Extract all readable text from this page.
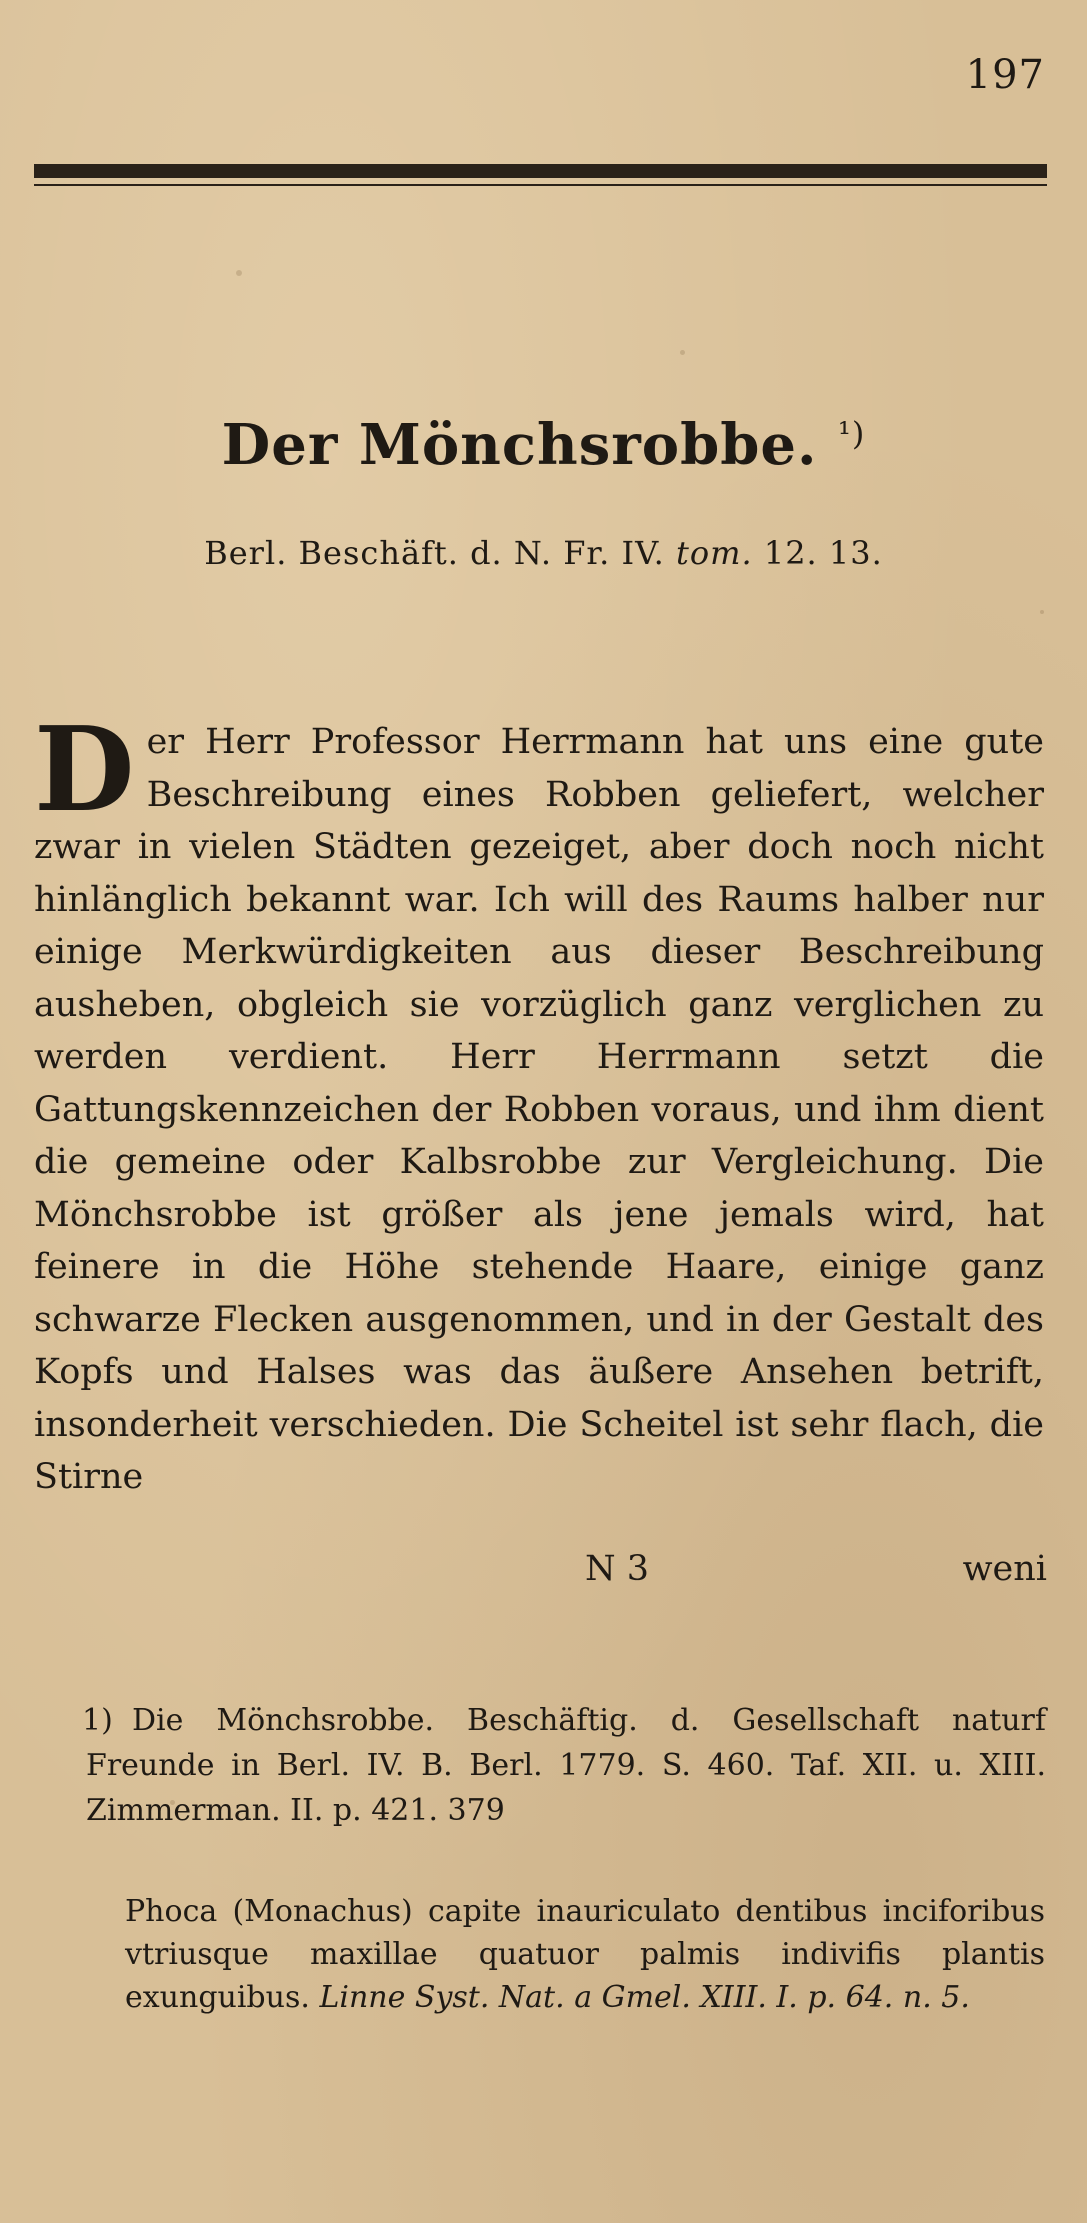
197
Der Mönchsrobbe. $^{^1)}$
Berl. Beschäft. d. N. Fr. IV. tom. 12. 13.
D er Herr Professor Herrmann hat uns eine gute Beschreibung eines Robben geliefert, welcher zwar in vielen Städten gezeiget, aber doch noch nicht hinlänglich bekannt war. Ich will des Raums halber nur einige Merkwürdigkeiten aus dieser Beschreibung ausheben, obgleich sie vorzüglich ganz verglichen zu werden verdient. Herr Herrmann setzt die Gattungskennzeichen der Robben voraus, und ihm dient die gemeine oder Kalbsrobbe zur Vergleichung. Die Mönchsrobbe ist größer als jene jemals wird, hat feinere in die Höhe stehende Haare, einige ganz schwarze Flecken ausgenommen, und in der Gestalt des Kopfs und Halses was das äußere Ansehen betrift, insonderheit verschieden. Die Scheitel ist sehr flach, die Stirne
N 3	weni
1) Die Mönchsrobbe. Beschäftig. d. Gesellschaft naturf Freunde in Berl. IV. B. Berl. 1779. S. 460. Taf. XII. u. XIII. Zimmerman. II. p. 421. 379
Phoca (Monachus) capite inauriculato dentibus inciforibus vtriusque maxillae quatuor palmis indivifis plantis exunguibus. Linne Syst. Nat. a Gmel. XIII. I. p. 64. n. 5.
